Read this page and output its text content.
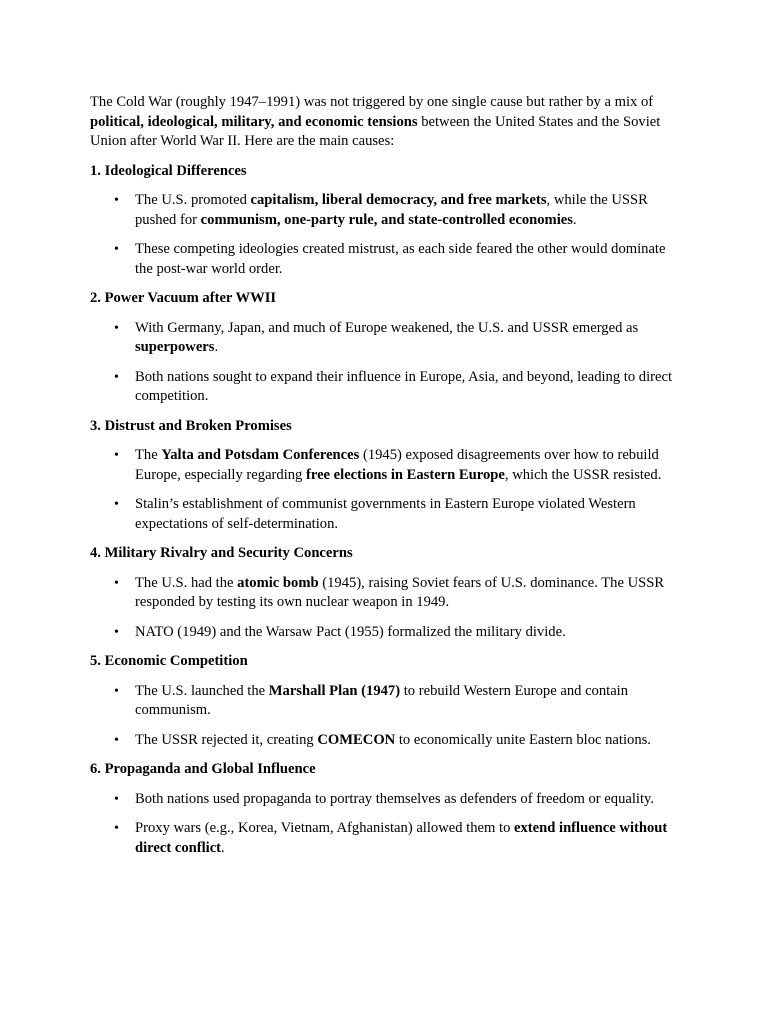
The Cold War (roughly 1947–1991) was not triggered by one single cause but rather by a mix of political, ideological, military, and economic tensions between the United States and the Soviet Union after World War II. Here are the main causes:

1. Ideological Differences

• The U.S. promoted capitalism, liberal democracy, and free markets, while the USSR pushed for communism, one-party rule, and state-controlled economies.
• These competing ideologies created mistrust, as each side feared the other would dominate the post-war world order.

2. Power Vacuum after WWII

• With Germany, Japan, and much of Europe weakened, the U.S. and USSR emerged as superpowers.
• Both nations sought to expand their influence in Europe, Asia, and beyond, leading to direct competition.

3. Distrust and Broken Promises

• The Yalta and Potsdam Conferences (1945) exposed disagreements over how to rebuild Europe, especially regarding free elections in Eastern Europe, which the USSR resisted.
• Stalin’s establishment of communist governments in Eastern Europe violated Western expectations of self-determination.

4. Military Rivalry and Security Concerns

• The U.S. had the atomic bomb (1945), raising Soviet fears of U.S. dominance. The USSR responded by testing its own nuclear weapon in 1949.
• NATO (1949) and the Warsaw Pact (1955) formalized the military divide.

5. Economic Competition

• The U.S. launched the Marshall Plan (1947) to rebuild Western Europe and contain communism.
• The USSR rejected it, creating COMECON to economically unite Eastern bloc nations.

6. Propaganda and Global Influence

• Both nations used propaganda to portray themselves as defenders of freedom or equality.
• Proxy wars (e.g., Korea, Vietnam, Afghanistan) allowed them to extend influence without direct conflict.
